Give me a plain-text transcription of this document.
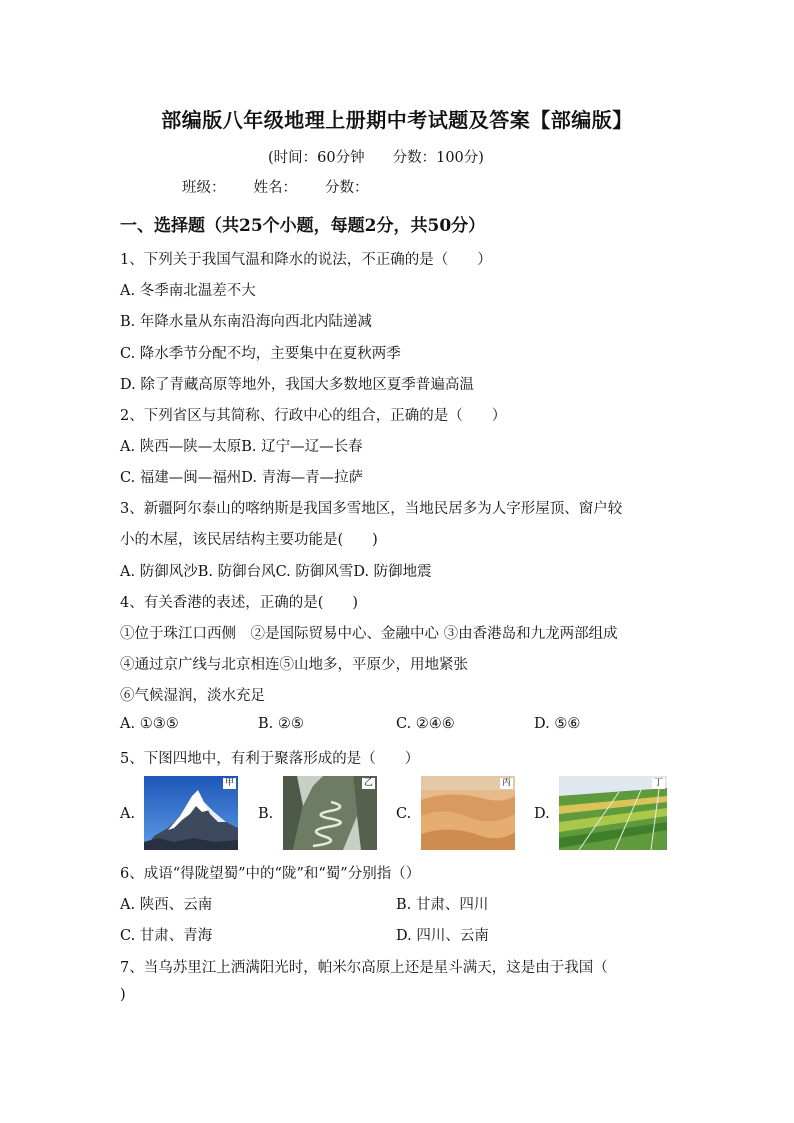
部编版八年级地理上册期中考试题及答案【部编版】
(时间：60分钟 分数：100分)
班级： 姓名： 分数：
一、选择题（共25个小题，每题2分，共50分）
1、下列关于我国气温和降水的说法，不正确的是（　　）
A. 冬季南北温差不大
B. 年降水量从东南沿海向西北内陆递减
C. 降水季节分配不均，主要集中在夏秋两季
D. 除了青藏高原等地外，我国大多数地区夏季普遍高温
2、下列省区与其简称、行政中心的组合，正确的是（　　）
A. 陕西—陕—太原B. 辽宁—辽—长春
C. 福建—闽—福州D. 青海—青—拉萨
3、新疆阿尔泰山的喀纳斯是我国多雪地区，当地民居多为人字形屋顶、窗户较
小的木屋，该民居结构主要功能是(　　)
A. 防御风沙B. 防御台风C. 防御风雪D. 防御地震
4、有关香港的表述，正确的是(　　)
①位于珠江口西侧　②是国际贸易中心、金融中心 ③由香港岛和九龙两部组成
④通过京广线与北京相连⑤山地多，平原少，用地紧张
⑥气候湿润，淡水充足
A. ①③⑤	B. ②⑤	C. ②④⑥	D. ⑤⑥
5、下图四地中，有利于聚落形成的是（　　）
A.
甲
B.
乙
C.
丙
D.
丁
6、成语“得陇望蜀”中的“陇”和“蜀”分别指（）
A. 陕西、云南	B. 甘肃、四川
C. 甘肃、青海	D. 四川、云南
7、当乌苏里江上洒满阳光时，帕米尔高原上还是星斗满天，这是由于我国（
)
